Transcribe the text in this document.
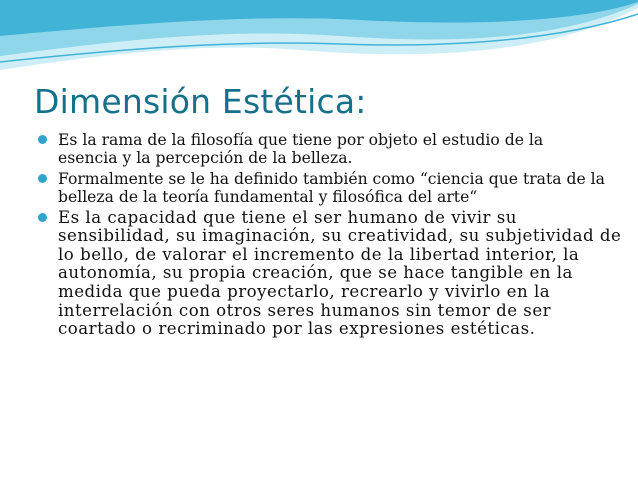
Dimensión Estética:
Es la rama de la filosofía que tiene por objeto el estudio de la esencia y la percepción de la belleza.
Formalmente se le ha definido también como “ciencia que trata de la belleza de la teoría fundamental y filosófica del arte“
Es la capacidad que tiene el ser humano de vivir su sensibilidad, su imaginación, su creatividad, su subjetividad de lo bello, de valorar el incremento de la libertad interior, la autonomía, su propia creación, que se hace tangible en la medida que pueda proyectarlo, recrearlo y vivirlo en la interrelación con otros seres humanos sin temor de ser coartado o recriminado por las expresiones estéticas.
